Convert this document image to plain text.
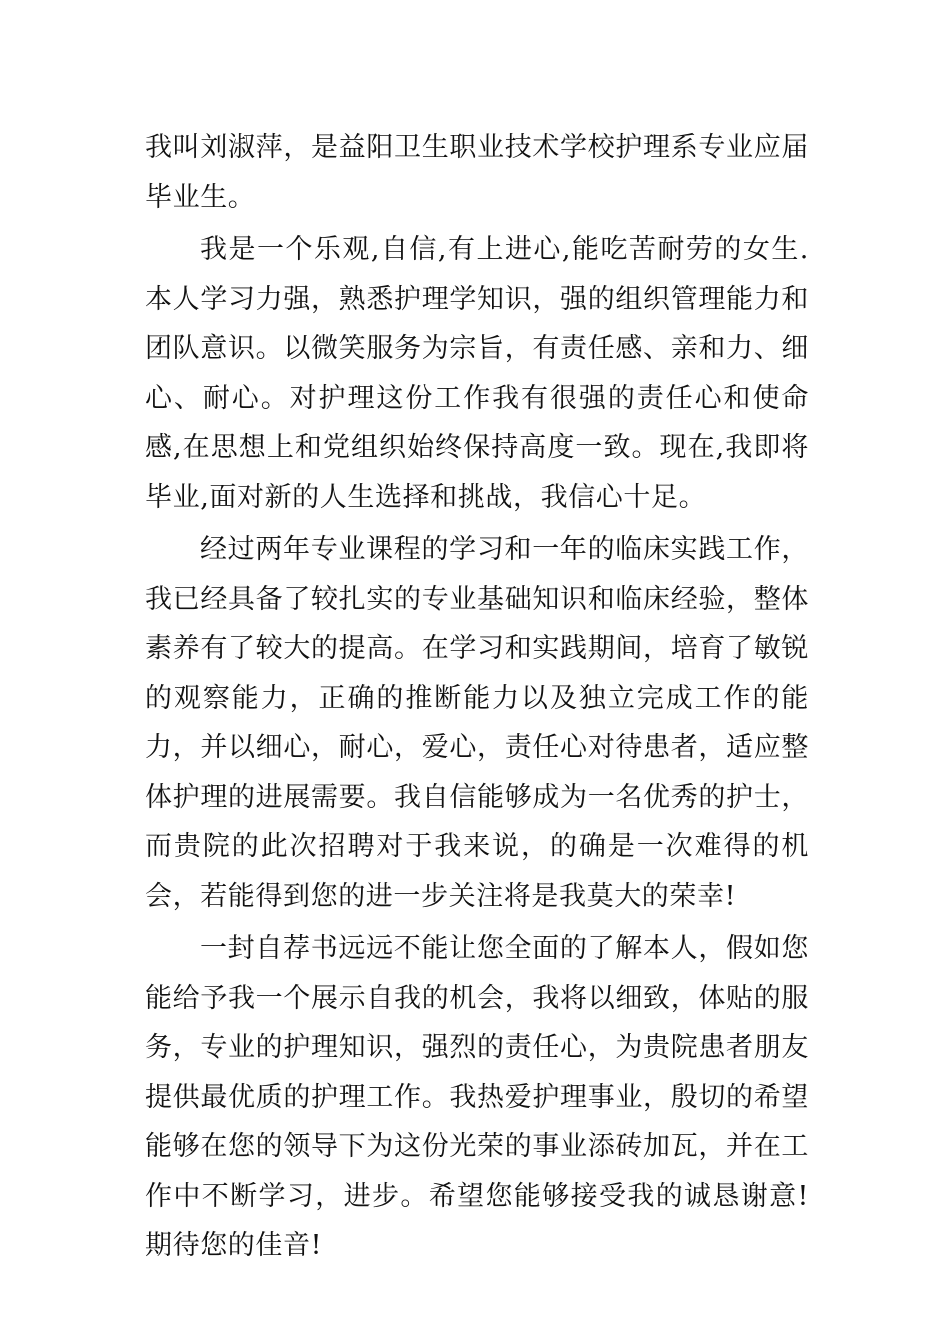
我叫刘淑萍，是益阳卫生职业技术学校护理系专业应届毕业生。

我是一个乐观,自信,有上进心,能吃苦耐劳的女生.本人学习力强，熟悉护理学知识，强的组织管理能力和团队意识。以微笑服务为宗旨，有责任感、亲和力、细心、耐心。对护理这份工作我有很强的责任心和使命感,在思想上和党组织始终保持高度一致。现在,我即将毕业,面对新的人生选择和挑战，我信心十足。

经过两年专业课程的学习和一年的临床实践工作，我已经具备了较扎实的专业基础知识和临床经验，整体素养有了较大的提高。在学习和实践期间，培育了敏锐的观察能力，正确的推断能力以及独立完成工作的能力，并以细心，耐心，爱心，责任心对待患者，适应整体护理的进展需要。我自信能够成为一名优秀的护士，而贵院的此次招聘对于我来说，的确是一次难得的机会，若能得到您的进一步关注将是我莫大的荣幸!

一封自荐书远远不能让您全面的了解本人，假如您能给予我一个展示自我的机会，我将以细致，体贴的服务，专业的护理知识，强烈的责任心，为贵院患者朋友提供最优质的护理工作。我热爱护理事业，殷切的希望能够在您的领导下为这份光荣的事业添砖加瓦，并在工作中不断学习，进步。希望您能够接受我的诚恳谢意!期待您的佳音!
